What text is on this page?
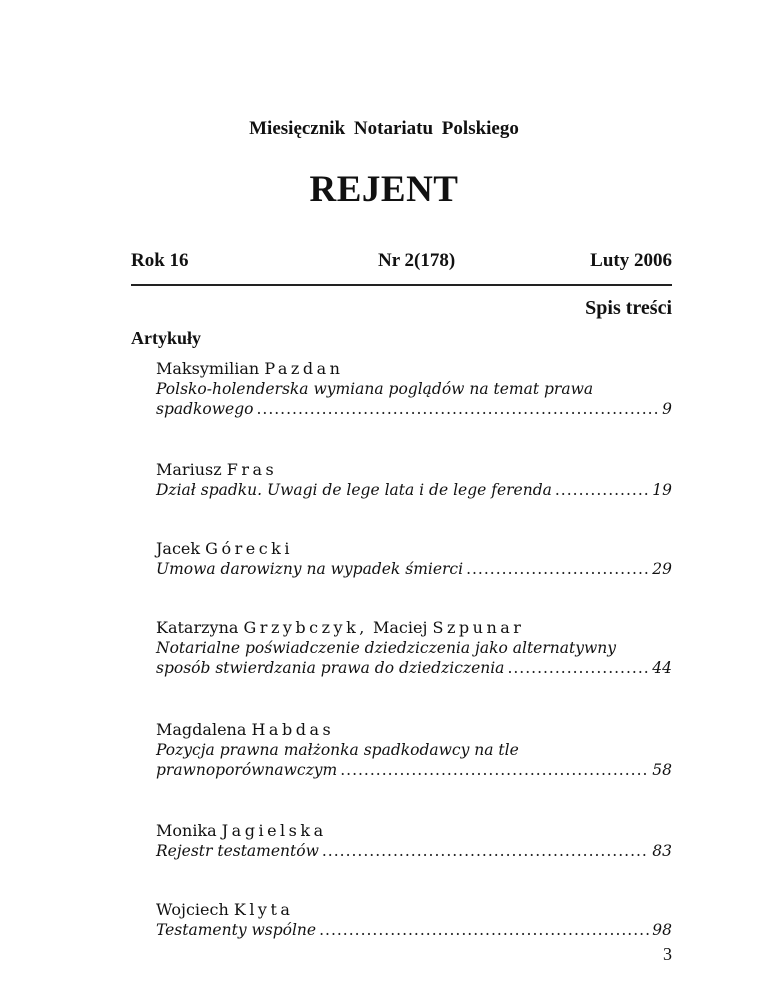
Miesięcznik Notariatu Polskiego
REJENT
Rok 16	Nr 2(178)	Luty 2006
Spis treści
Artykuły
Maksymilian Pazdan
Polsko-holenderska wymiana poglądów na temat prawa
spadkowego .....	9
Mariusz Fras
Dział spadku. Uwagi de lege lata i de lege ferenda .....	19
Jacek Górecki
Umowa darowizny na wypadek śmierci .....	29
Katarzyna Grzybczyk, Maciej Szpunar
Notarialne poświadczenie dziedziczenia jako alternatywny
sposób stwierdzania prawa do dziedziczenia .....	44
Magdalena Habdas
Pozycja prawna małżonka spadkodawcy na tle
prawnoporównawczym .....	58
Monika Jagielska
Rejestr testamentów .....	83
Wojciech Klyta
Testamenty wspólne .....	98
3
